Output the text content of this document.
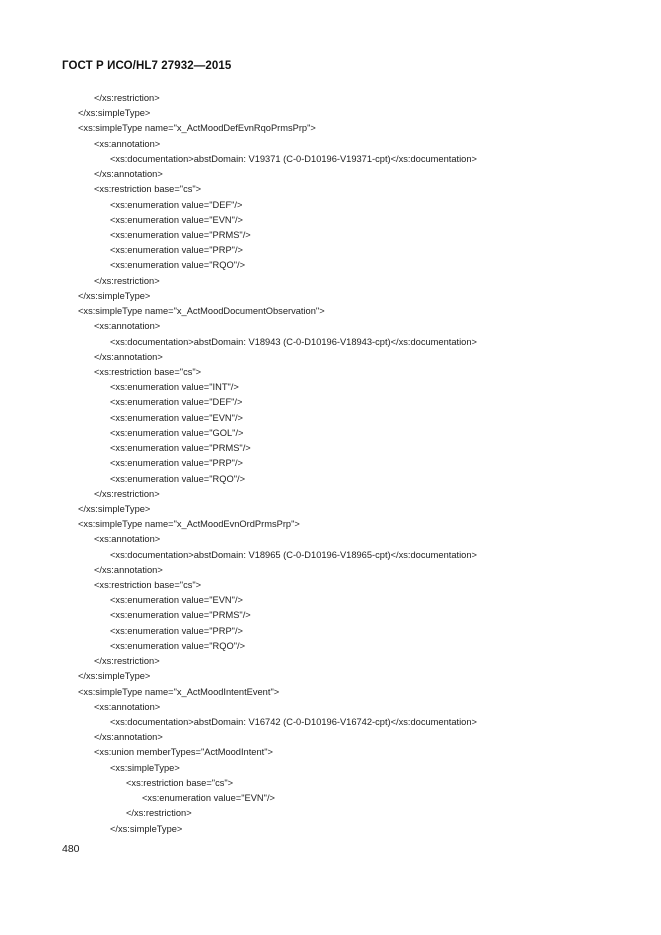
ГОСТ Р ИСО/HL7 27932—2015
</xs:restriction>
</xs:simpleType>
<xs:simpleType name="x_ActMoodDefEvnRqoPrmsPrp">
<xs:annotation>
<xs:documentation>abstDomain: V19371 (C-0-D10196-V19371-cpt)</xs:documentation>
</xs:annotation>
<xs:restriction base="cs">
<xs:enumeration value="DEF"/>
<xs:enumeration value="EVN"/>
<xs:enumeration value="PRMS"/>
<xs:enumeration value="PRP"/>
<xs:enumeration value="RQO"/>
</xs:restriction>
</xs:simpleType>
<xs:simpleType name="x_ActMoodDocumentObservation">
<xs:annotation>
<xs:documentation>abstDomain: V18943 (C-0-D10196-V18943-cpt)</xs:documentation>
</xs:annotation>
<xs:restriction base="cs">
<xs:enumeration value="INT"/>
<xs:enumeration value="DEF"/>
<xs:enumeration value="EVN"/>
<xs:enumeration value="GOL"/>
<xs:enumeration value="PRMS"/>
<xs:enumeration value="PRP"/>
<xs:enumeration value="RQO"/>
</xs:restriction>
</xs:simpleType>
<xs:simpleType name="x_ActMoodEvnOrdPrmsPrp">
<xs:annotation>
<xs:documentation>abstDomain: V18965 (C-0-D10196-V18965-cpt)</xs:documentation>
</xs:annotation>
<xs:restriction base="cs">
<xs:enumeration value="EVN"/>
<xs:enumeration value="PRMS"/>
<xs:enumeration value="PRP"/>
<xs:enumeration value="RQO"/>
</xs:restriction>
</xs:simpleType>
<xs:simpleType name="x_ActMoodIntentEvent">
<xs:annotation>
<xs:documentation>abstDomain: V16742 (C-0-D10196-V16742-cpt)</xs:documentation>
</xs:annotation>
<xs:union memberTypes="ActMoodIntent">
<xs:simpleType>
<xs:restriction base="cs">
<xs:enumeration value="EVN"/>
</xs:restriction>
</xs:simpleType>
480
